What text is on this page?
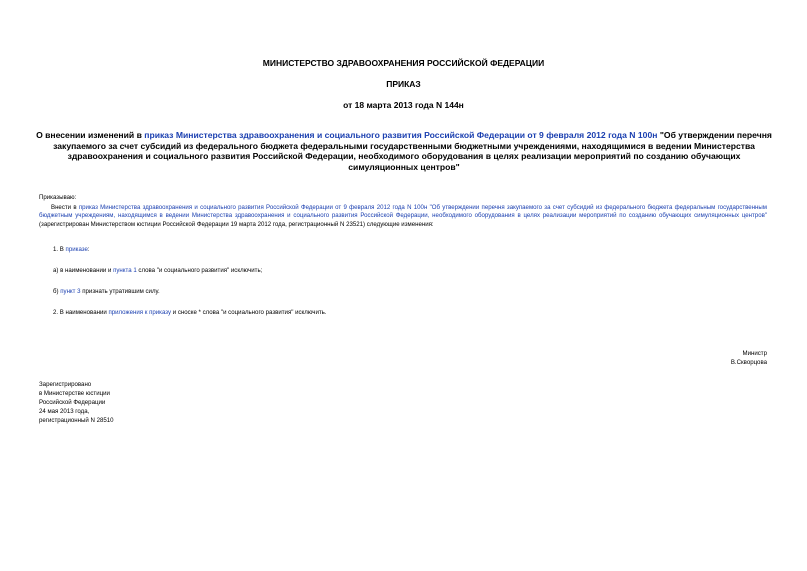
МИНИСТЕРСТВО ЗДРАВООХРАНЕНИЯ РОССИЙСКОЙ ФЕДЕРАЦИИ
ПРИКАЗ
от 18 марта 2013 года N 144н
О внесении изменений в приказ Министерства здравоохранения и социального развития Российской Федерации от 9 февраля 2012 года N 100н "Об утверждении перечня закупаемого за счет субсидий из федерального бюджета федеральными государственными бюджетными учреждениями, находящимися в ведении Министерства здравоохранения и социального развития Российской Федерации, необходимого оборудования в целях реализации мероприятий по созданию обучающих симуляционных центров"
Приказываю:
Внести в приказ Министерства здравоохранения и социального развития Российской Федерации от 9 февраля 2012 года N 100н "Об утверждении перечня закупаемого за счет субсидий из федерального бюджета федеральным государственным бюджетным учреждениям, находящимся в ведении Министерства здравоохранения и социального развития Российской Федерации, необходимого оборудования в целях реализации мероприятий по созданию обучающих симуляционных центров" (зарегистрирован Министерством юстиции Российской Федерации 19 марта 2012 года, регистрационный N 23521) следующие изменения:
1. В приказе:
а) в наименовании и пункта 1 слова "и социального развития" исключить;
б) пункт 3 признать утратившим силу.
2. В наименовании приложения к приказу и сноске * слова "и социального развития" исключить.
Министр
В.Скворцова
Зарегистрировано
в Министерстве юстиции
Российской Федерации
24 мая 2013 года,
регистрационный N 28510
